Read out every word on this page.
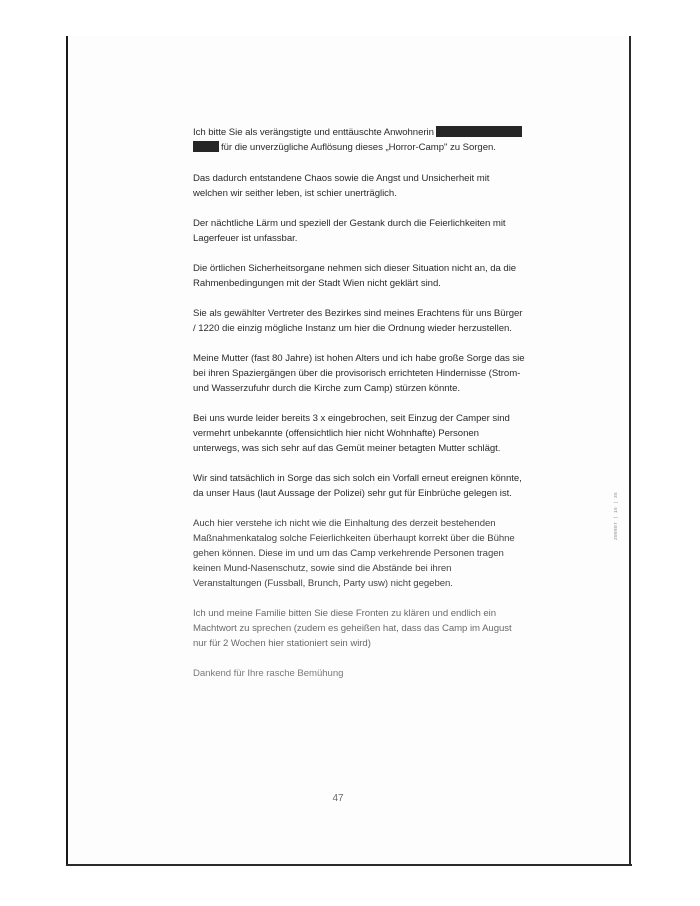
Ich bitte Sie als verängstigte und enttäuschte Anwohnerin
für die unverzügliche Auflösung dieses „Horror-Camp" zu Sorgen.

Das dadurch entstandene Chaos sowie die Angst und Unsicherheit mit
welchen wir seither leben, ist schier unerträglich.

Der nächtliche Lärm und speziell der Gestank durch die Feierlichkeiten mit
Lagerfeuer ist unfassbar.

Die örtlichen Sicherheitsorgane nehmen sich dieser Situation nicht an, da die
Rahmenbedingungen mit der Stadt Wien nicht geklärt sind.

Sie als gewählter Vertreter des Bezirkes sind meines Erachtens für uns Bürger
/ 1220 die einzig mögliche Instanz um hier die Ordnung wieder herzustellen.

Meine Mutter (fast 80 Jahre) ist hohen Alters und ich habe große Sorge das sie
bei ihren Spaziergängen über die provisorisch errichteten Hindernisse (Strom-
und Wasserzufuhr durch die Kirche zum Camp) stürzen könnte.

Bei uns wurde leider bereits 3 x eingebrochen, seit Einzug der Camper sind
vermehrt unbekannte (offensichtlich hier nicht Wohnhafte) Personen
unterwegs, was sich sehr auf das Gemüt meiner betagten Mutter schlägt.

Wir sind tatsächlich in Sorge das sich solch ein Vorfall erneut ereignen könnte,
da unser Haus (laut Aussage der Polizei) sehr gut für Einbrüche gelegen ist.

Auch hier verstehe ich nicht wie die Einhaltung des derzeit bestehenden
Maßnahmenkatalog solche Feierlichkeiten überhaupt korrekt über die Bühne
gehen können. Diese im und um das Camp verkehrende Personen tragen
keinen Mund-Nasenschutz, sowie sind die Abstände bei ihren
Veranstaltungen (Fussball, Brunch, Party usw) nicht gegeben.

Ich und meine Familie bitten Sie diese Fronten zu klären und endlich ein
Machtwort zu sprechen (zudem es geheißen hat, dass das Camp im August
nur für 2 Wochen hier stationiert sein wird)

Dankend für Ihre rasche Bemühung

47
200807 | 16 | 35
